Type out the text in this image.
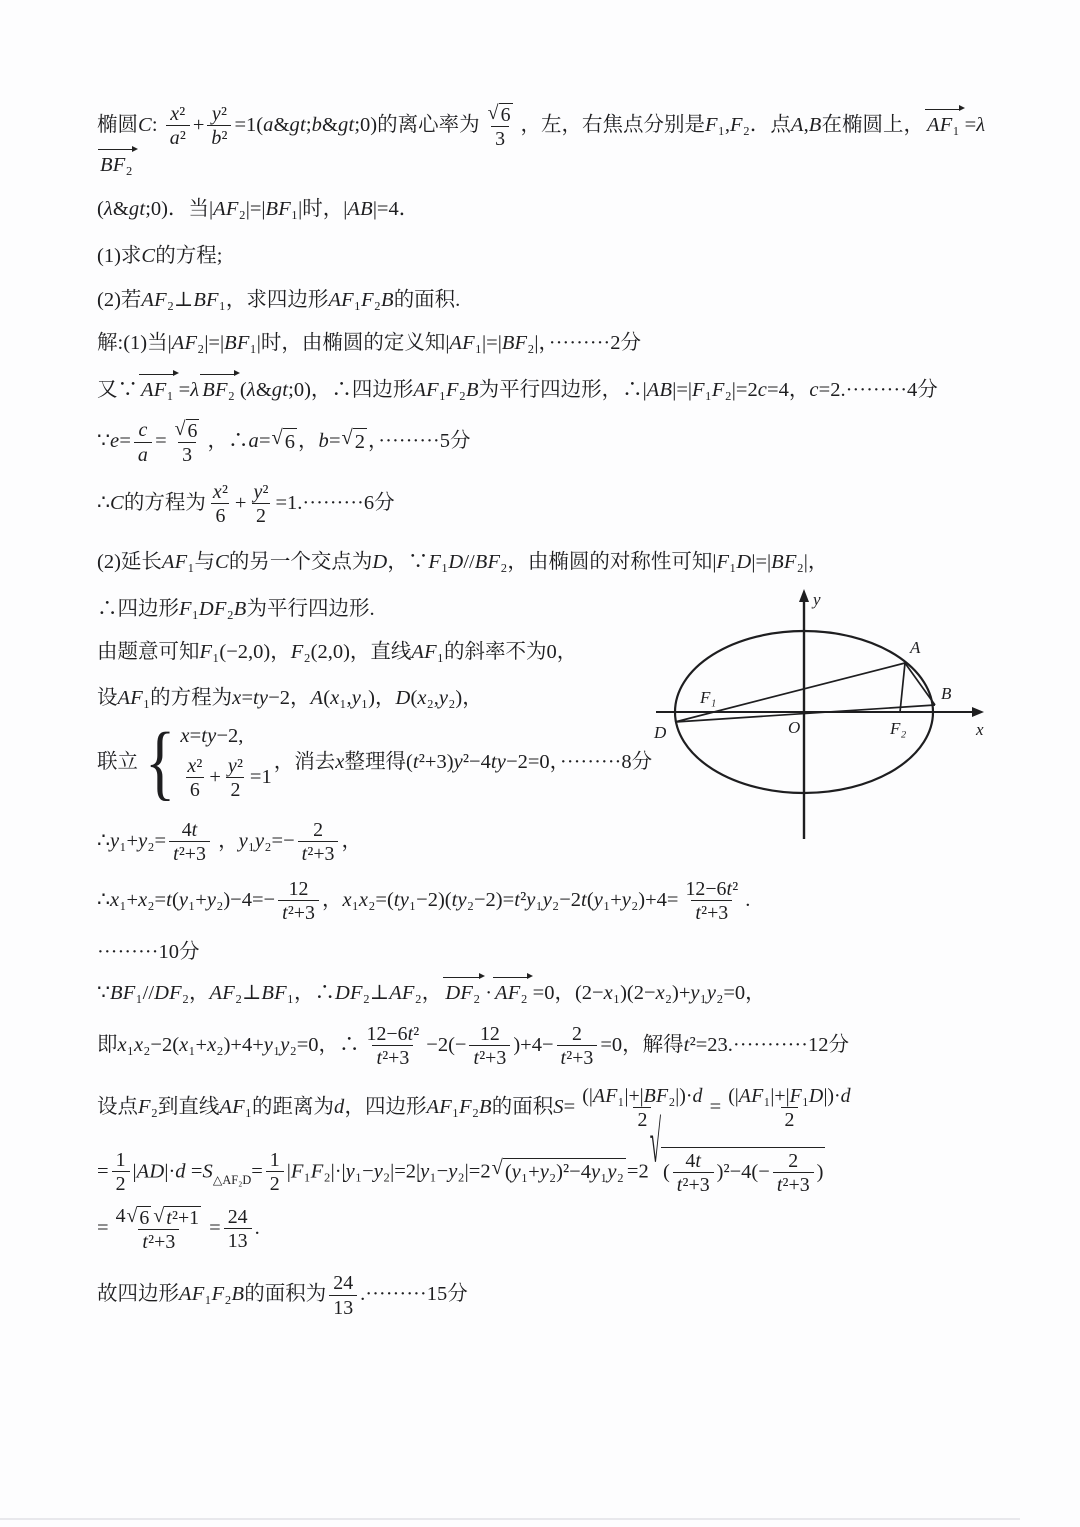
椭圆C: $\frac{\text{x²}}{\text{a²}} + \frac{\text{y²}}{\text{b²}}$ =1(a&gt;b&gt;0)的离心率为 $\frac{√ 6}{3}$ ，左，右焦点分别是F₁,F₂．点A,B在椭圆上， AF₁ =λBF₂
(λ&gt;0)．当|AF₂|=|BF₁|时，|AB|=4．
(1)求C的方程;
(2)若AF₂⊥BF₁，求四边形AF₁F₂B的面积.
解:(1)当|AF₂|=|BF₁|时，由椭圆的定义知|AF₁|=|BF₂|，·········2分
又∵ AF₁ =λ BF₂ (λ&gt;0)，∴四边形AF₁F₂B为平行四边形，∴|AB|=|F₁F₂|=2c=4，c=2.·········4分
∵e= $\frac{c}{a} = \frac{√ 6}{3}$ ，∴a= √ 6 ，b= √ 2 ，·········5分
∴C的方程为 $\frac{\text{x²}}{6} + \frac{\text{y²}}{2} =1.\cdot\cdot\cdot\cdot\cdot\cdot\cdot\cdot\cdot 6$分
(2)延长AF₁与C的另一个交点为D，∵F₁D//BF₂，由椭圆的对称性可知|F₁D|=|BF₂|，
∴四边形F₁DF₂B为平行四边形.
由题意可知F₁(−2,0)，F₂(2,0)，直线AF₁的斜率不为0，
设AF₁的方程为x=ty−2，A(x₁,y₁)，D(x₂,y₂)，
联立 { x = t y −2,
x²
6
+
y²
2
=1
，消去x整理得(t²+3)y²−4ty−2=0，·········8分
∴y₁+y₂= $\frac{4t}{\text{t²+3}}$ ，$y_1y_2=- \frac{2}{\text{t²+3}}$ ，
∴x₁+x₂=t(y₁+y₂)−4=− $\frac{12}{\text{t²+3}}$ ，$x_1x_2=(ty_1-2)(ty_2-2)=t^2y_1y_2-2t(y_1+y_2)+4= \frac{\text{12−6t²}}{\text{t²+3}}$ .
·········10分
∵BF₁//DF₂，AF₂⊥BF₁，∴DF₂⊥AF₂， DF₂ · AF₂ =0，(2−x₁)(2−x₂)+y₁y₂=0，
即x₁x₂−2(x₁+x₂)+4+y₁y₂=0，∴ $\frac{\text{12−6t²}}{\text{t²+3}} -2(- \frac{12}{\text{t²+3}} )+4- \frac{2}{\text{t²+3}} =0$，解得t²=23.···········12分
设点F₂到直线AF₁的距离为d，四边形AF₁F₂B的面积$S= \frac{\text{(|AF₁|+|BF₂|)·d}}{2} = \frac{\text{(|AF₁|+|F₁D|)·d}}{2}$
= $\frac{1}{2} |AD|\cdot d =S_{\triangle AF_2D}= \frac{1}{2} |F_1F_2|\cdot|y_1-y_2|=2|y_1-y_2|=2$ √ ( y ₁+ y ₂)²−4 y ₁ y ₂ =2 √ (
4t
t²+3
)²−4(−
2
t²+3
)
= $\frac{\text{4 √ 6 √ t ²+1}}{\text{t²+3}} = \frac{24}{13}$ .
故四边形AF₁F₂B的面积为 $\frac{24}{13} .\cdot\cdot\cdot\cdot\cdot\cdot\cdot\cdot\cdot 15$分
y
x
O
F₁
F₂
A
B
D
